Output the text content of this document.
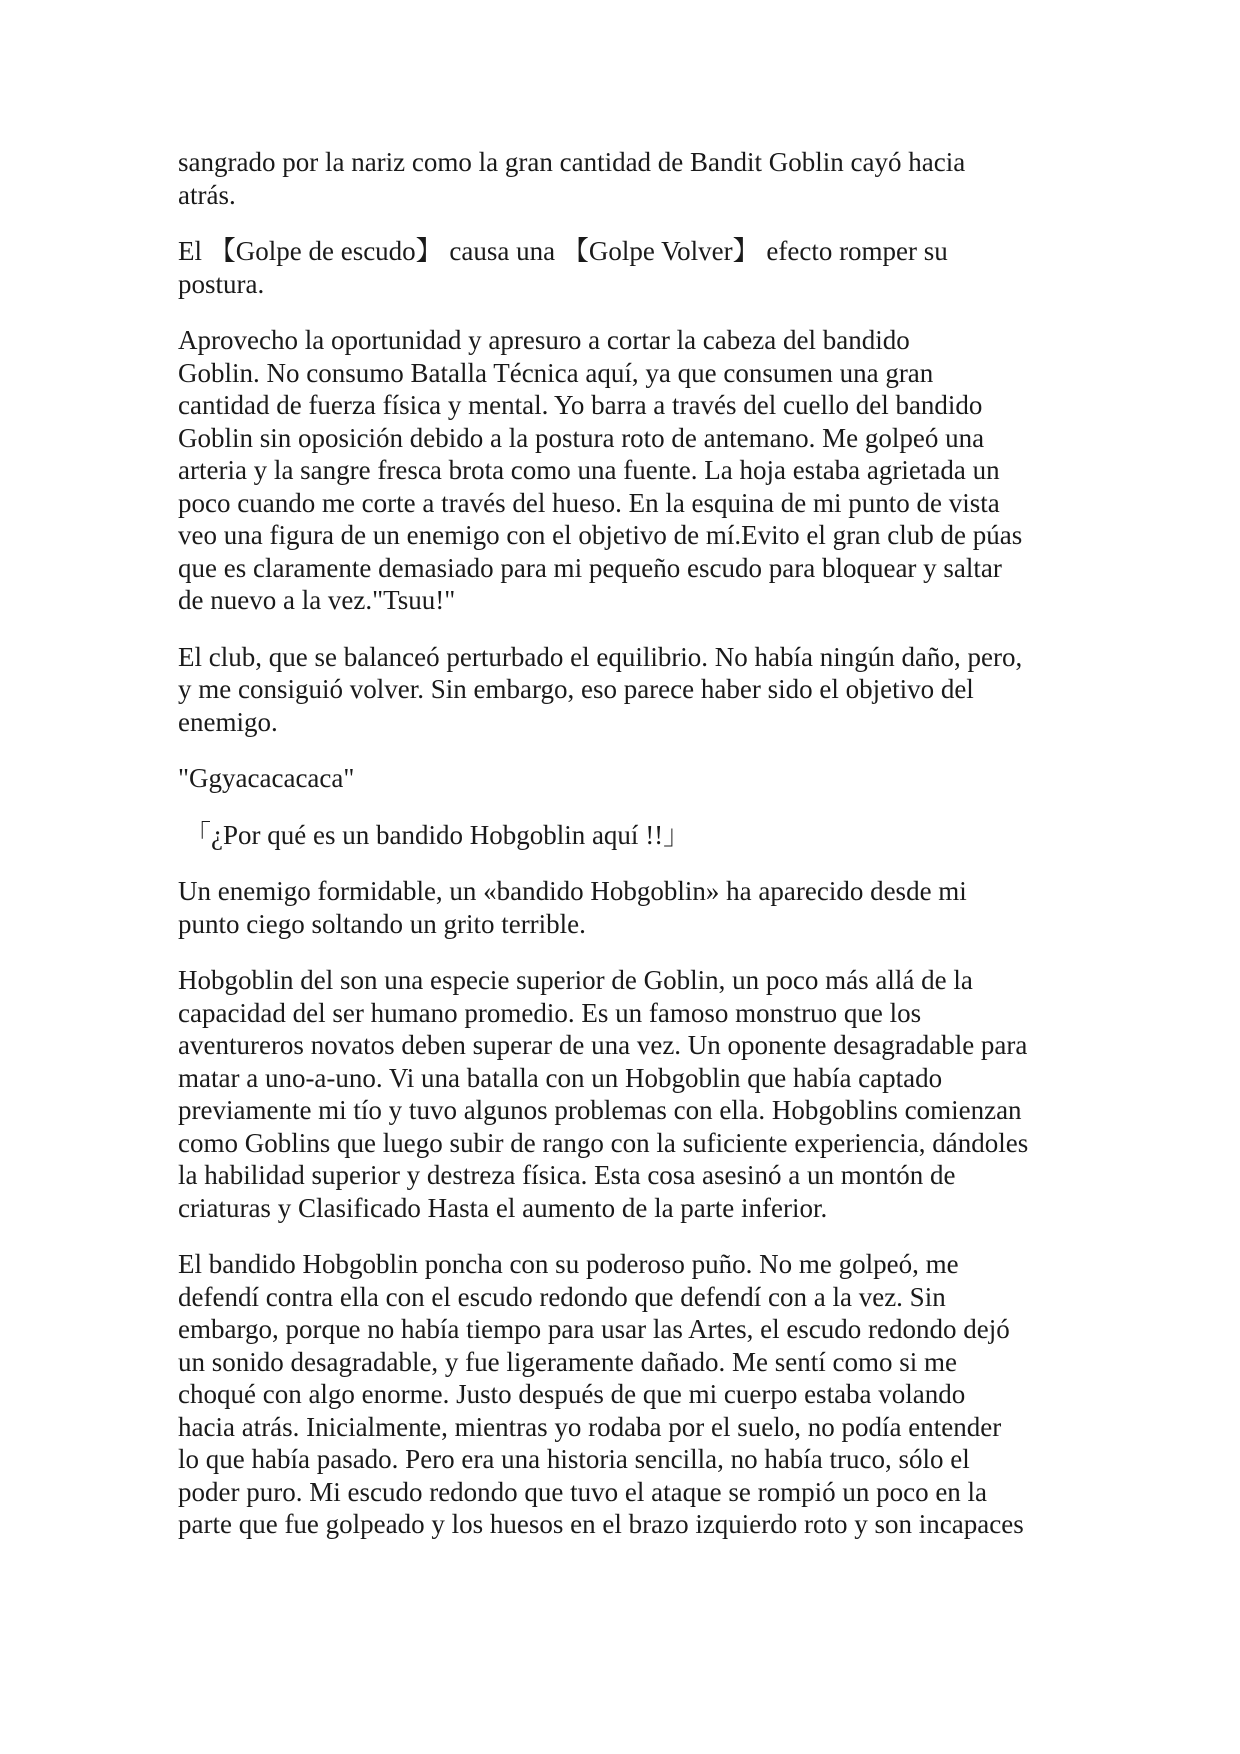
sangrado por la nariz como la gran cantidad de Bandit Goblin cayó hacia
atrás.

El 【Golpe de escudo】 causa una 【Golpe Volver】 efecto romper su
postura.

Aprovecho la oportunidad y apresuro a cortar la cabeza del bandido
Goblin. No consumo Batalla Técnica aquí, ya que consumen una gran
cantidad de fuerza física y mental. Yo barra a través del cuello del bandido
Goblin sin oposición debido a la postura roto de antemano. Me golpeó una
arteria y la sangre fresca brota como una fuente. La hoja estaba agrietada un
poco cuando me corte a través del hueso. En la esquina de mi punto de vista
veo una figura de un enemigo con el objetivo de mí.Evito el gran club de púas
que es claramente demasiado para mi pequeño escudo para bloquear y saltar
de nuevo a la vez."Tsuu!"

El club, que se balanceó perturbado el equilibrio. No había ningún daño, pero,
y me consiguió volver. Sin embargo, eso parece haber sido el objetivo del
enemigo.

"Ggyacacacaca"

「¿Por qué es un bandido Hobgoblin aquí !!」

Un enemigo formidable, un «bandido Hobgoblin» ha aparecido desde mi
punto ciego soltando un grito terrible.

Hobgoblin del son una especie superior de Goblin, un poco más allá de la
capacidad del ser humano promedio. Es un famoso monstruo que los
aventureros novatos deben superar de una vez. Un oponente desagradable para
matar a uno-a-uno. Vi una batalla con un Hobgoblin que había captado
previamente mi tío y tuvo algunos problemas con ella. Hobgoblins comienzan
como Goblins que luego subir de rango con la suficiente experiencia, dándoles
la habilidad superior y destreza física. Esta cosa asesinó a un montón de
criaturas y Clasificado Hasta el aumento de la parte inferior.

El bandido Hobgoblin poncha con su poderoso puño. No me golpeó, me
defendí contra ella con el escudo redondo que defendí con a la vez. Sin
embargo, porque no había tiempo para usar las Artes, el escudo redondo dejó
un sonido desagradable, y fue ligeramente dañado. Me sentí como si me
choqué con algo enorme. Justo después de que mi cuerpo estaba volando
hacia atrás. Inicialmente, mientras yo rodaba por el suelo, no podía entender
lo que había pasado. Pero era una historia sencilla, no había truco, sólo el
poder puro. Mi escudo redondo que tuvo el ataque se rompió un poco en la
parte que fue golpeado y los huesos en el brazo izquierdo roto y son incapaces
